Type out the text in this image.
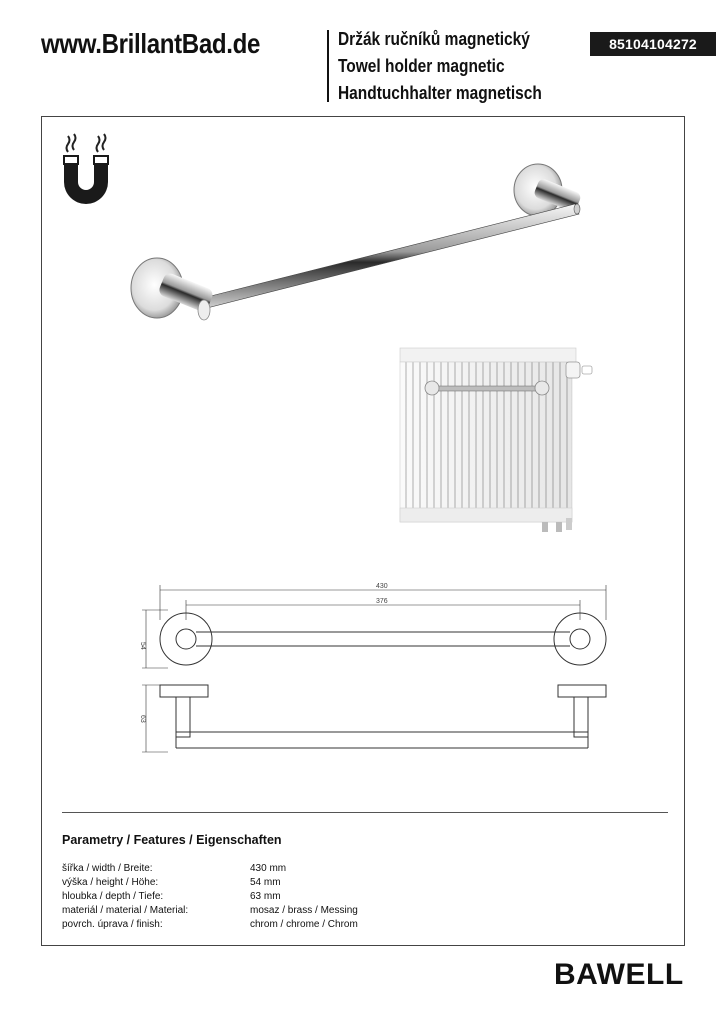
www.BrillantBad.de	Držák ručníků magnetický
Towel holder magnetic
Handtuchhalter magnetisch
85104104272
430
376
54
63
Parametry / Features / Eigenschaften
šířka / width / Breite:	430 mm
výška / height / Höhe:	54 mm
hloubka / depth / Tiefe:	63 mm
materiál / material / Material:	mosaz / brass / Messing
povrch. úprava / finish:	chrom / chrome / Chrom
BAWELL
